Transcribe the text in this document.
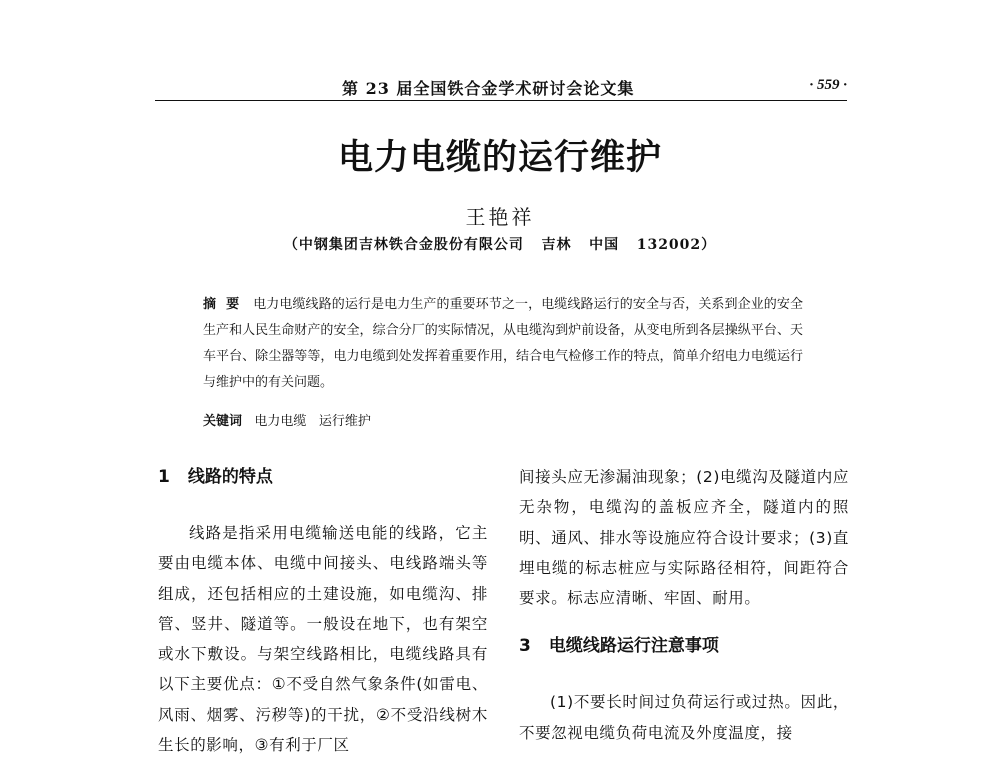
第 23 届全国铁合金学术研讨会论文集	· 559 ·
电力电缆的运行维护
王艳祥
（中钢集团吉林铁合金股份有限公司   吉林   中国   132002）

摘要 电力电缆线路的运行是电力生产的重要环节之一，电缆线路运行的安全与否，关系到企业的安全生产和人民生命财产的安全，综合分厂的实际情况，从电缆沟到炉前设备，从变电所到各层操纵平台、天车平台、除尘器等等，电力电缆到处发挥着重要作用，结合电气检修工作的特点，简单介绍电力电缆运行与维护中的有关问题。

关键词 电力电缆   运行维护
1 线路的特点

线路是指采用电缆输送电能的线路，它主要由电缆本体、电缆中间接头、电线路端头等组成，还包括相应的土建设施，如电缆沟、排管、竖井、隧道等。一般设在地下，也有架空或水下敷设。与架空线路相比，电缆线路具有以下主要优点：①不受自然气象条件(如雷电、风雨、烟雾、污秽等)的干扰，②不受沿线树木生长的影响，③有利于厂区

间接头应无渗漏油现象；(2)电缆沟及隧道内应无杂物，电缆沟的盖板应齐全，隧道内的照明、通风、排水等设施应符合设计要求；(3)直埋电缆的标志桩应与实际路径相符，间距符合要求。标志应清晰、牢固、耐用。

3 电缆线路运行注意事项

(1)不要长时间过负荷运行或过热。因此，不要忽视电缆负荷电流及外度温度，接
